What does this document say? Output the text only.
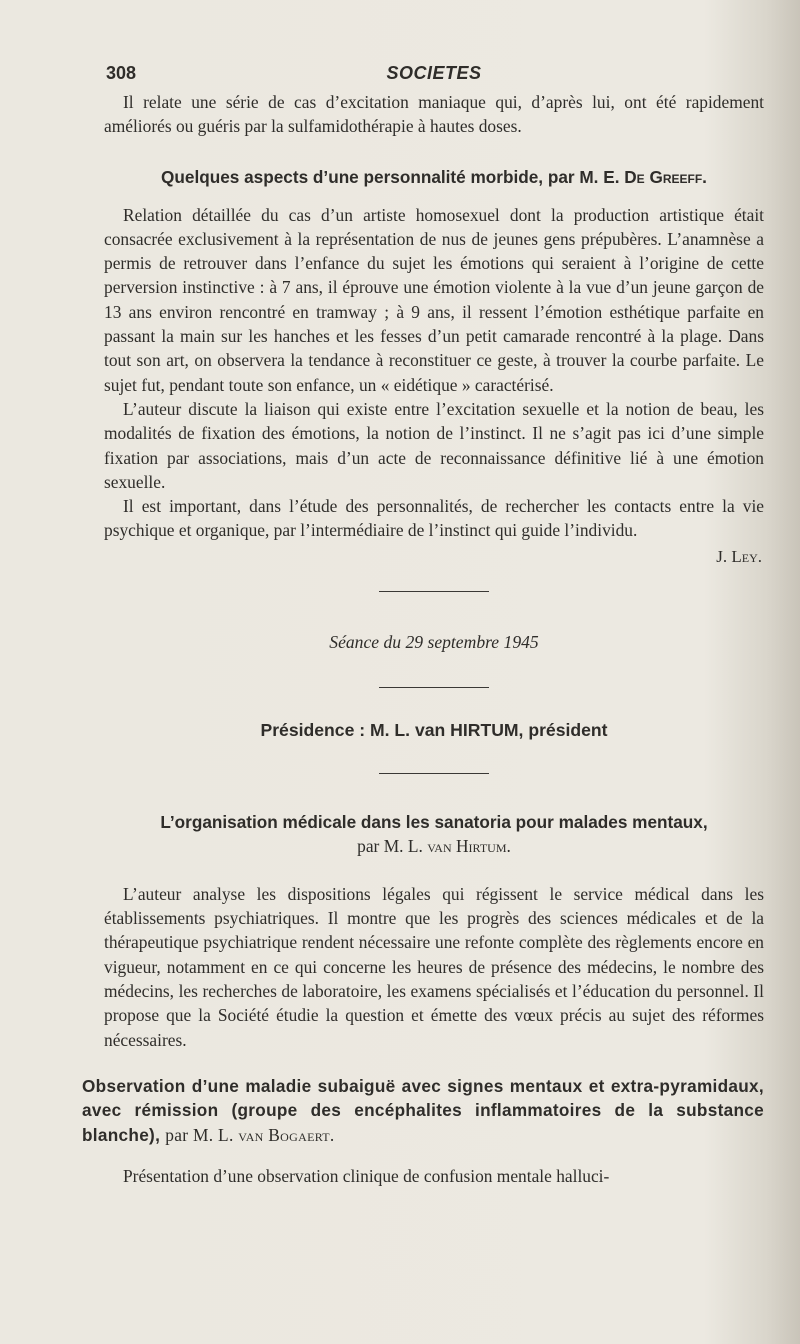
308	SOCIETES

Il relate une série de cas d’excitation maniaque qui, d’après lui, ont été rapidement améliorés ou guéris par la sulfamidothérapie à hautes doses.

Quelques aspects d’une personnalité morbide, par M. E. De Greeff.

Relation détaillée du cas d’un artiste homosexuel dont la production artistique était consacrée exclusivement à la représentation de nus de jeunes gens prépubères. L’anamnèse a permis de retrouver dans l’enfance du sujet les émotions qui seraient à l’origine de cette perversion instinctive : à 7 ans, il éprouve une émotion violente à la vue d’un jeune garçon de 13 ans environ rencontré en tramway ; à 9 ans, il ressent l’émotion esthétique parfaite en passant la main sur les hanches et les fesses d’un petit camarade rencontré à la plage. Dans tout son art, on observera la tendance à reconstituer ce geste, à trouver la courbe parfaite. Le sujet fut, pendant toute son enfance, un « eidétique » caractérisé.

L’auteur discute la liaison qui existe entre l’excitation sexuelle et la notion de beau, les modalités de fixation des émotions, la notion de l’instinct. Il ne s’agit pas ici d’une simple fixation par associations, mais d’un acte de reconnaissance définitive lié à une émotion sexuelle.

Il est important, dans l’étude des personnalités, de rechercher les contacts entre la vie psychique et organique, par l’intermédiaire de l’instinct qui guide l’individu.

J. Ley.
Séance du 29 septembre 1945
Présidence : M. L. van HIRTUM, président
L’organisation médicale dans les sanatoria pour malades mentaux,
par M. L. van Hirtum.

L’auteur analyse les dispositions légales qui régissent le service médical dans les établissements psychiatriques. Il montre que les progrès des sciences médicales et de la thérapeutique psychiatrique rendent nécessaire une refonte complète des règlements encore en vigueur, notamment en ce qui concerne les heures de présence des médecins, le nombre des médecins, les recherches de laboratoire, les examens spécialisés et l’éducation du personnel. Il propose que la Société étudie la question et émette des vœux précis au sujet des réformes nécessaires.

Observation d’une maladie subaiguë avec signes mentaux et extra-pyramidaux, avec rémission (groupe des encéphalites inflammatoires de la substance blanche), par M. L. van Bogaert.

Présentation d’une observation clinique de confusion mentale halluci-
